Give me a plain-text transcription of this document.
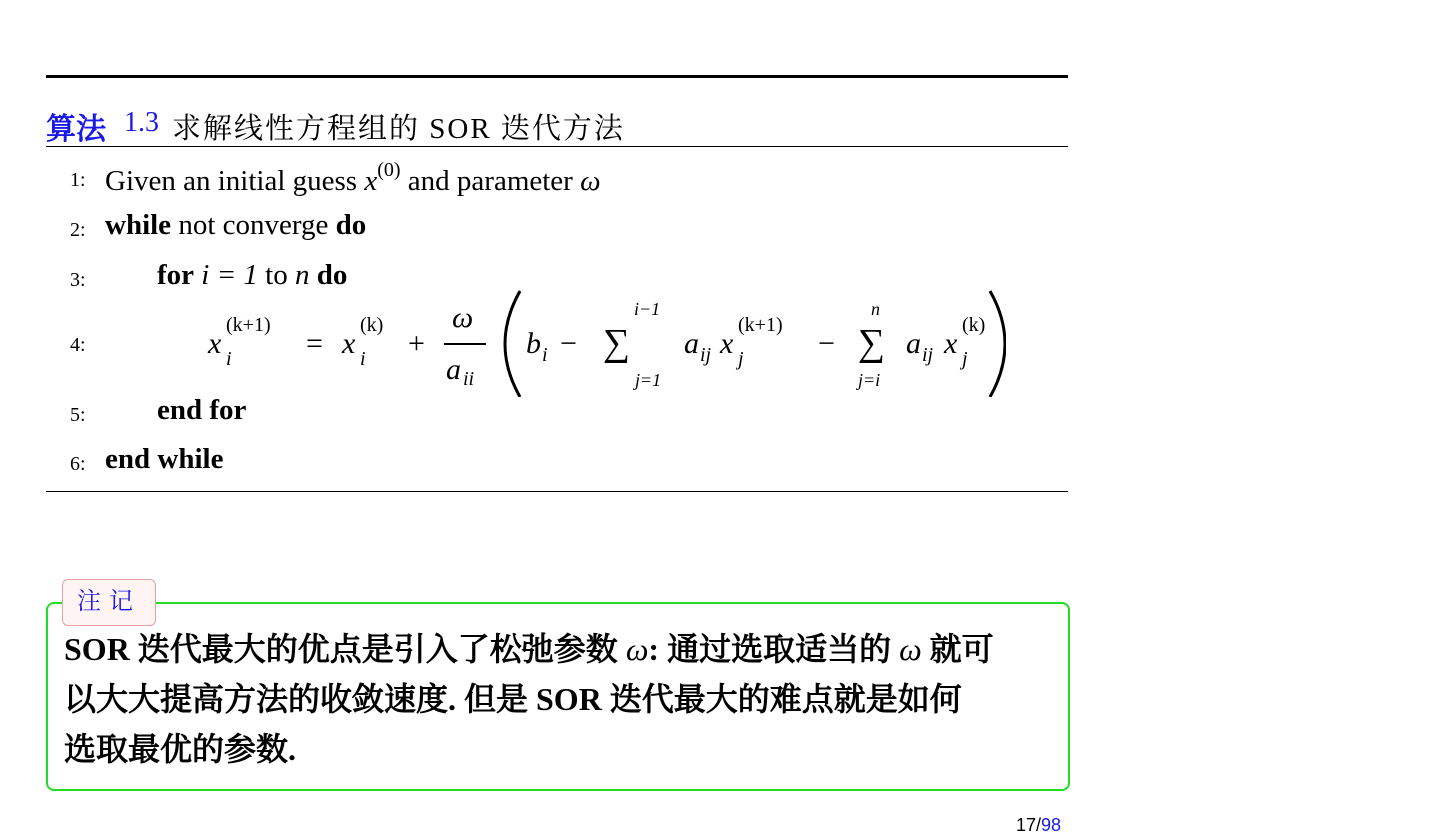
算法 1.3 求解线性方程组的 SOR 迭代方法
1: Given an initial guess $x^{(0)}$ and parameter ω
2: while not converge do
3: for i = 1 to n do
4:	x
(k+1)
i = x
(k)
i +
ω
a ii
b i −
i−1
∑
j=1
a ij x
(k+1)
j −
n
∑
j=i
a ij x
(k)
j
5: end for
6: end while
注记
SOR 迭代最大的优点是引入了松弛参数 ω: 通过选取适当的 ω 就可
以大大提高方法的收敛速度. 但是 SOR 迭代最大的难点就是如何
选取最优的参数.
17/98
